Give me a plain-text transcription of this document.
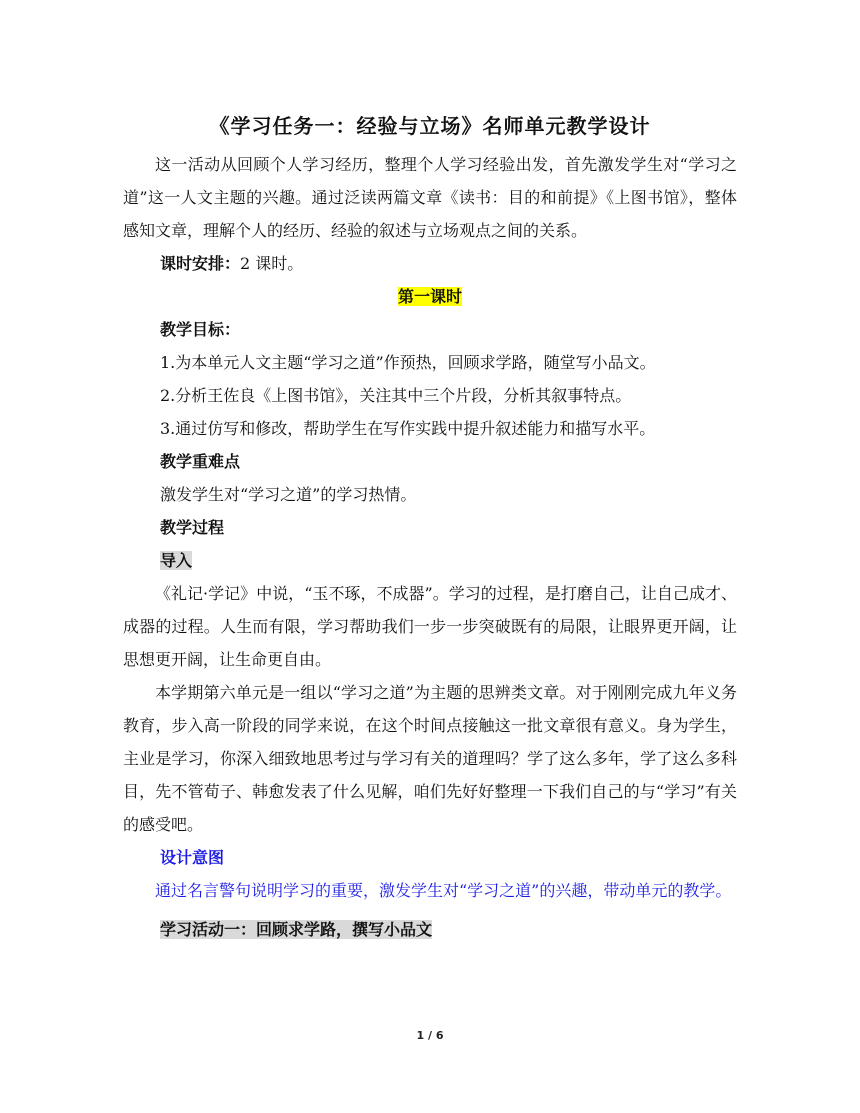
《学习任务一：经验与立场》名师单元教学设计

这一活动从回顾个人学习经历，整理个人学习经验出发，首先激发学生对“学习之道”这一人文主题的兴趣。通过泛读两篇文章《读书：目的和前提》《上图书馆》，整体感知文章，理解个人的经历、经验的叙述与立场观点之间的关系。

课时安排：2 课时。

第一课时

教学目标：

1.为本单元人文主题“学习之道”作预热，回顾求学路，随堂写小品文。

2.分析王佐良《上图书馆》，关注其中三个片段，分析其叙事特点。

3.通过仿写和修改，帮助学生在写作实践中提升叙述能力和描写水平。

教学重难点

激发学生对“学习之道”的学习热情。

教学过程

导入

《礼记·学记》中说，“玉不琢，不成器”。学习的过程，是打磨自己，让自己成才、成器的过程。人生而有限，学习帮助我们一步一步突破既有的局限，让眼界更开阔，让思想更开阔，让生命更自由。

本学期第六单元是一组以“学习之道”为主题的思辨类文章。对于刚刚完成九年义务教育，步入高一阶段的同学来说，在这个时间点接触这一批文章很有意义。身为学生，主业是学习，你深入细致地思考过与学习有关的道理吗？学了这么多年，学了这么多科目，先不管荀子、韩愈发表了什么见解，咱们先好好整理一下我们自己的与“学习”有关的感受吧。

设计意图

通过名言警句说明学习的重要，激发学生对“学习之道”的兴趣，带动单元的教学。

学习活动一：回顾求学路，撰写小品文

1 / 6
